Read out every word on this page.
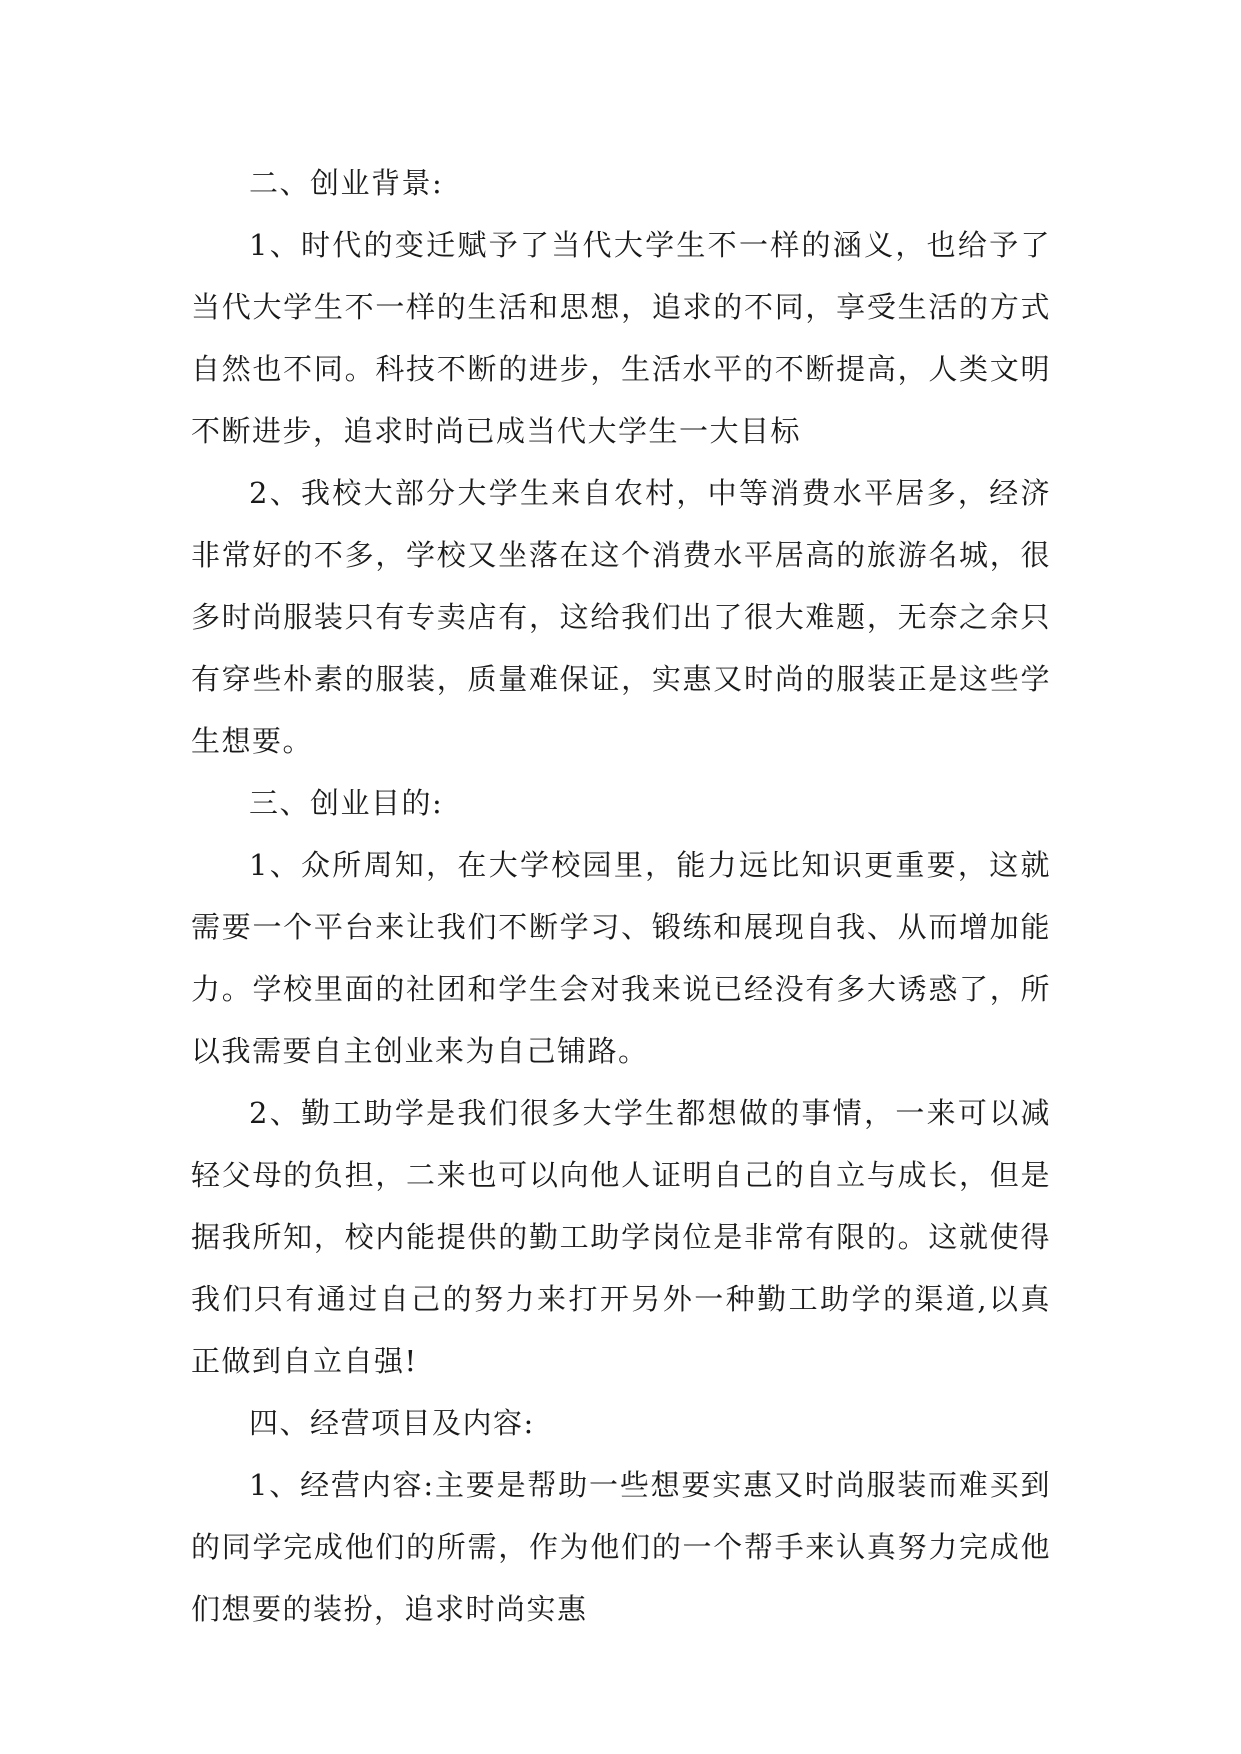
二、创业背景:

1、时代的变迁赋予了当代大学生不一样的涵义，也给予了当代大学生不一样的生活和思想，追求的不同，享受生活的方式自然也不同。科技不断的进步，生活水平的不断提高，人类文明不断进步，追求时尚已成当代大学生一大目标

2、我校大部分大学生来自农村，中等消费水平居多，经济非常好的不多，学校又坐落在这个消费水平居高的旅游名城，很多时尚服装只有专卖店有，这给我们出了很大难题，无奈之余只有穿些朴素的服装，质量难保证，实惠又时尚的服装正是这些学生想要。

三、创业目的:

1、众所周知，在大学校园里，能力远比知识更重要，这就需要一个平台来让我们不断学习、锻练和展现自我、从而增加能力。学校里面的社团和学生会对我来说已经没有多大诱惑了，所以我需要自主创业来为自己铺路。

2、勤工助学是我们很多大学生都想做的事情，一来可以减轻父母的负担，二来也可以向他人证明自己的自立与成长，但是据我所知，校内能提供的勤工助学岗位是非常有限的。这就使得我们只有通过自己的努力来打开另外一种勤工助学的渠道,以真正做到自立自强!

四、经营项目及内容:

1、经营内容:主要是帮助一些想要实惠又时尚服装而难买到的同学完成他们的所需，作为他们的一个帮手来认真努力完成他们想要的装扮，追求时尚实惠
